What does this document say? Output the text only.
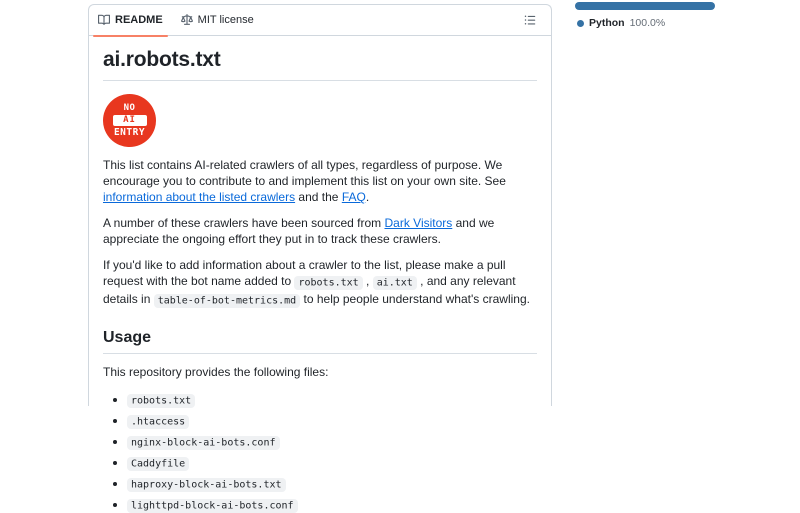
README	MIT license
ai.robots.txt
NO
AI
ENTRY

This list contains AI-related crawlers of all types, regardless of purpose. We encourage you to contribute to and implement this list on your own site. See information about the listed crawlers and the FAQ.

A number of these crawlers have been sourced from Dark Visitors and we appreciate the ongoing effort they put in to track these crawlers.

If you'd like to add information about a crawler to the list, please make a pull request with the bot name added to robots.txt , ai.txt , and any relevant details in table-of-bot-metrics.md to help people understand what's crawling.

Usage

This repository provides the following files:

• robots.txt
• .htaccess
• nginx-block-ai-bots.conf
• Caddyfile
• haproxy-block-ai-bots.txt
• lighttpd-block-ai-bots.conf
Python 100.0%
